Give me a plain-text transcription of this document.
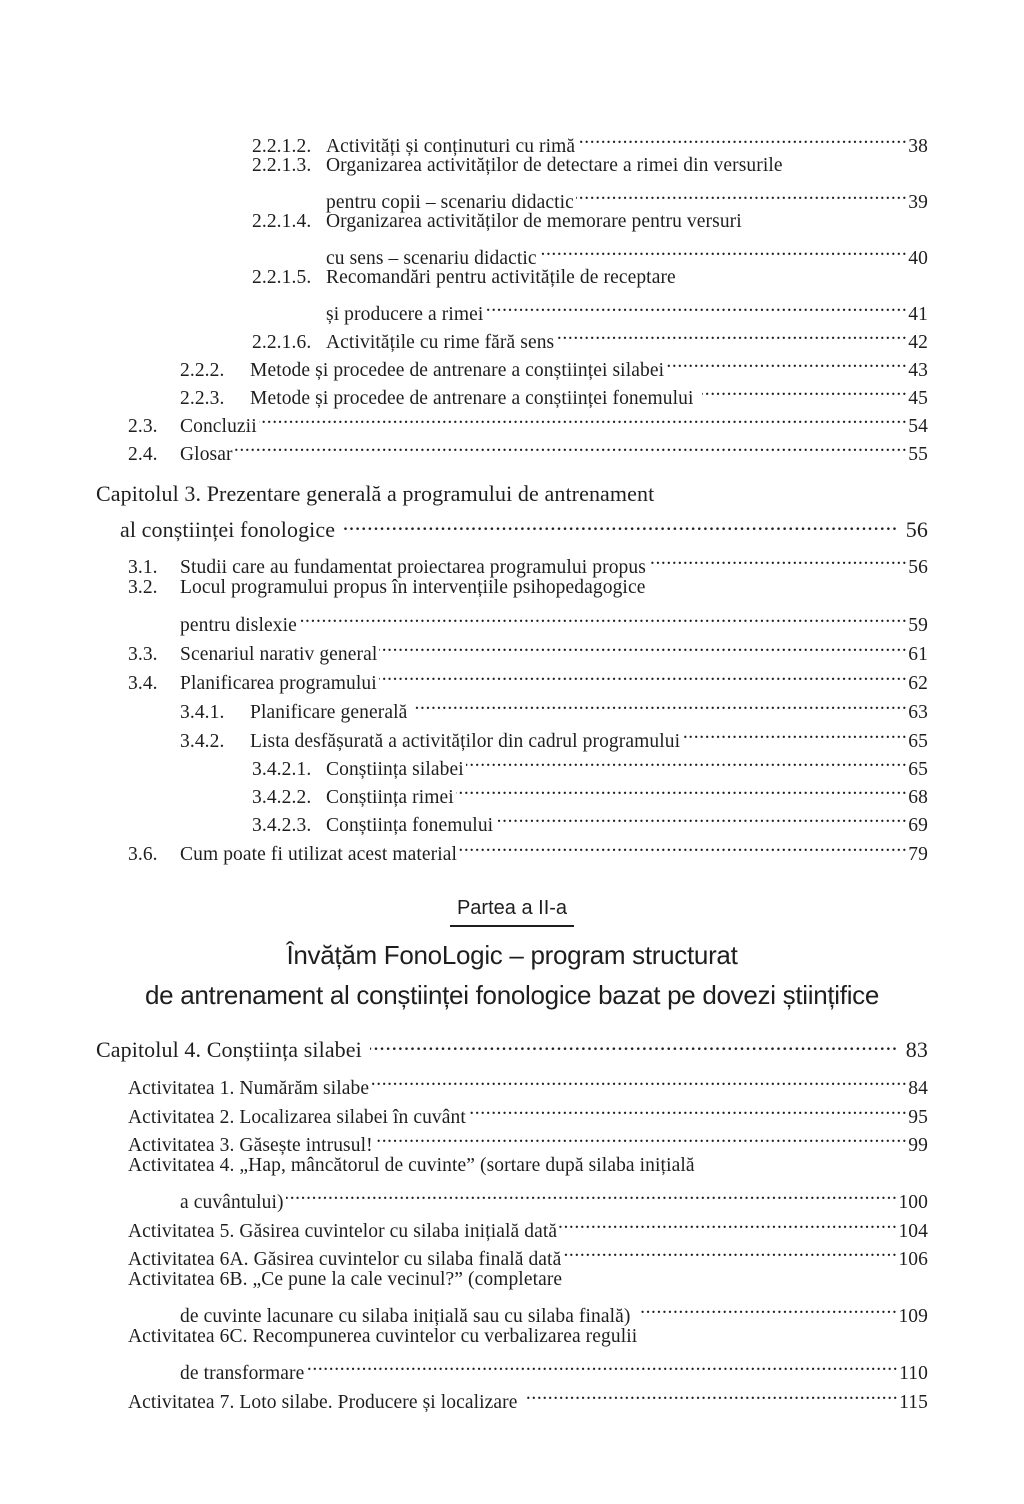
2.2.1.2. Activități și conținuturi cu rimă .....	38
2.2.1.3. Organizarea activităților de detectare a rimei din versurile
pentru copii – scenariu didactic .....	39
2.2.1.4. Organizarea activităților de memorare pentru versuri
cu sens – scenariu didactic .....	40
2.2.1.5. Recomandări pentru activitățile de receptare
și producere a rimei .....	41
2.2.1.6. Activitățile cu rime fără sens .....	42
2.2.2.	Metode și procedee de antrenare a conștiinței silabei .....	43
2.2.3.	Metode și procedee de antrenare a conștiinței fonemului .....	45
2.3.	Concluzii .....	54
2.4.	Glosar .....	55
Capitolul 3. Prezentare generală a programului de antrenament
al conștiinței fonologice .....	56
3.1.	Studii care au fundamentat proiectarea programului propus .....	56
3.2.	Locul programului propus în intervențiile psihopedagogice
pentru dislexie .....	59
3.3.	Scenariul narativ general .....	61
3.4.	Planificarea programului .....	62
3.4.1.	Planificare generală .....	63
3.4.2.	Lista desfășurată a activităților din cadrul programului .....	65
3.4.2.1. Conștiința silabei .....	65
3.4.2.2. Conștiința rimei .....	68
3.4.2.3. Conștiința fonemului .....	69
3.6.	Cum poate fi utilizat acest material .....	79
Partea a II-a
Învățăm FonoLogic – program structurat
de antrenament al conștiinței fonologice bazat pe dovezi științifice
Capitolul 4. Conștiința silabei .....	83
Activitatea 1. Numărăm silabe .....	84
Activitatea 2. Localizarea silabei în cuvânt .....	95
Activitatea 3. Găsește intrusul! .....	99
Activitatea 4. „Hap, mâncătorul de cuvinte” (sortare după silaba inițială
a cuvântului) .....	100
Activitatea 5. Găsirea cuvintelor cu silaba inițială dată .....	104
Activitatea 6A. Găsirea cuvintelor cu silaba finală dată .....	106
Activitatea 6B. „Ce pune la cale vecinul?” (completare
de cuvinte lacunare cu silaba inițială sau cu silaba finală) .....	109
Activitatea 6C. Recompunerea cuvintelor cu verbalizarea regulii
de transformare .....	110
Activitatea 7. Loto silabe. Producere și localizare .....	115
